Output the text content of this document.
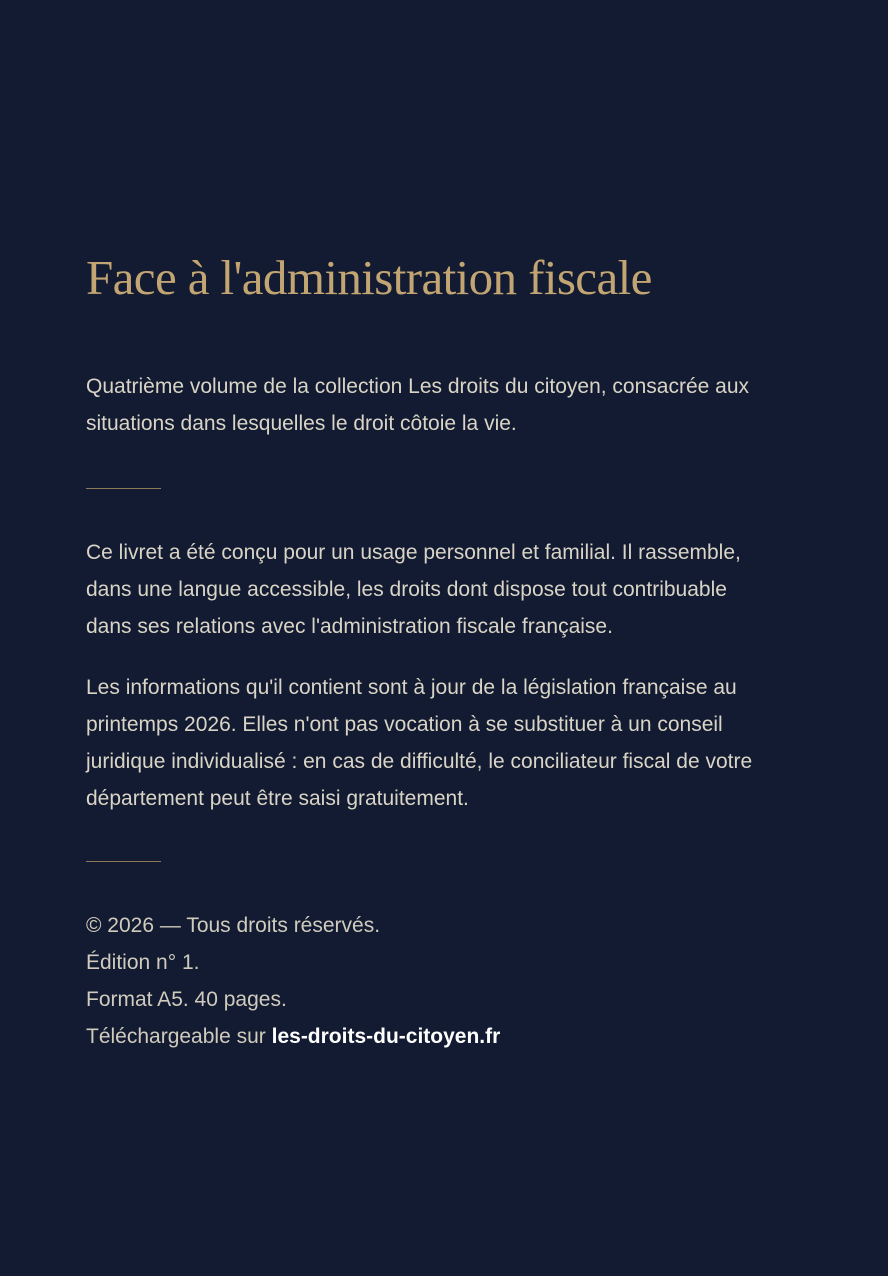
Face à l'administration fiscale

Quatrième volume de la collection Les droits du citoyen, consacrée aux situations dans lesquelles le droit côtoie la vie.

Ce livret a été conçu pour un usage personnel et familial. Il rassemble, dans une langue accessible, les droits dont dispose tout contribuable dans ses relations avec l'administration fiscale française.

Les informations qu'il contient sont à jour de la législation française au printemps 2026. Elles n'ont pas vocation à se substituer à un conseil juridique individualisé : en cas de difficulté, le conciliateur fiscal de votre département peut être saisi gratuitement.

© 2026 — Tous droits réservés.
Édition n° 1.
Format A5. 40 pages.
Téléchargeable sur les-droits-du-citoyen.fr
